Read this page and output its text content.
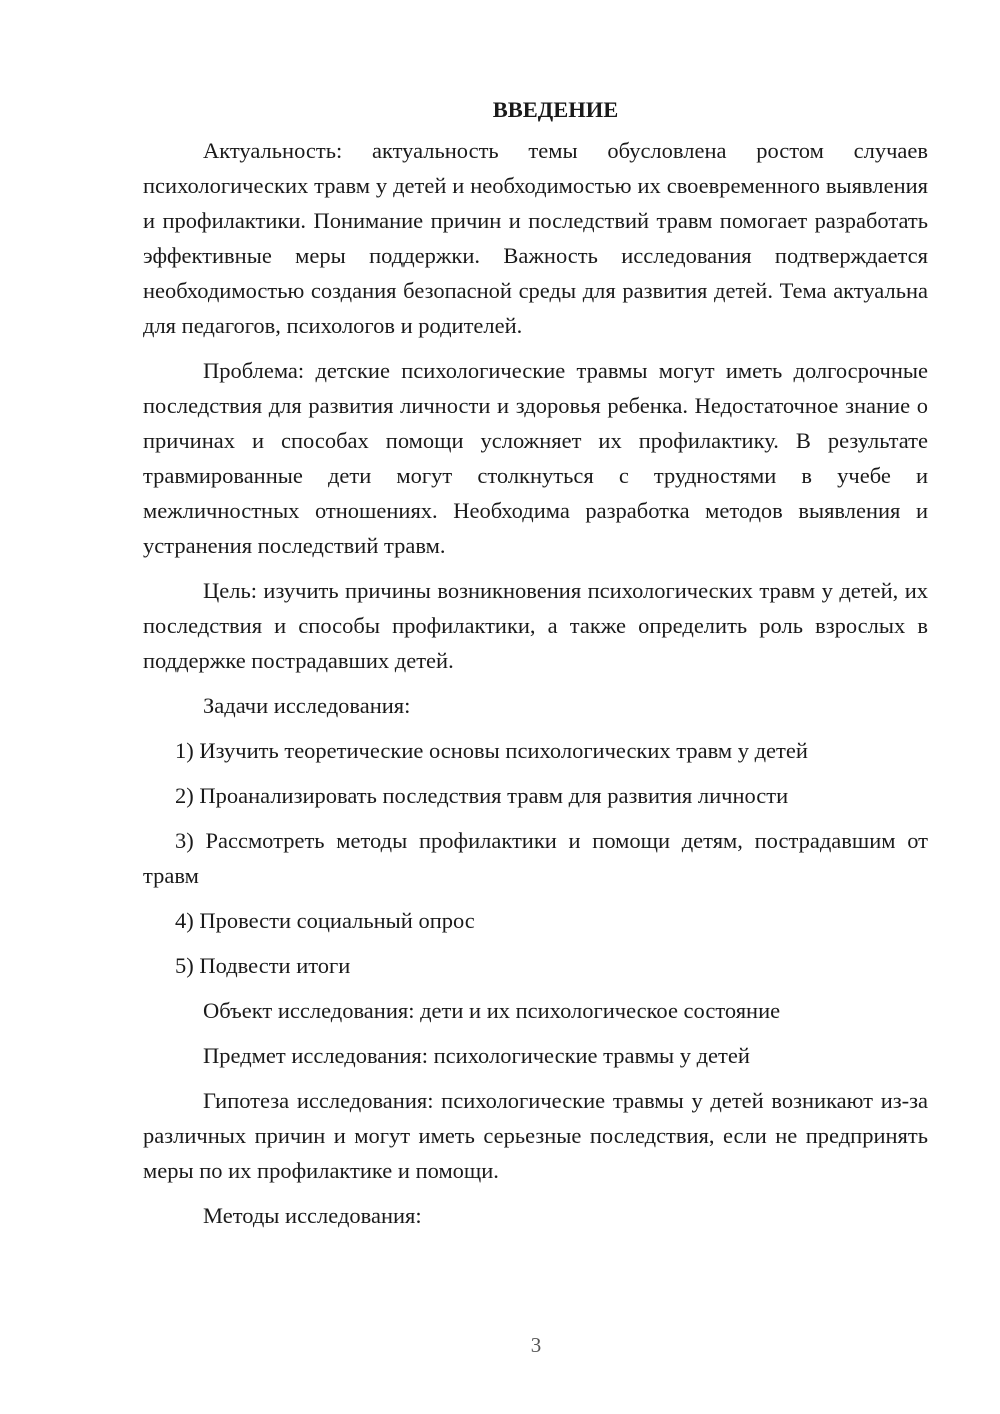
ВВЕДЕНИЕ

Актуальность: актуальность темы обусловлена ростом случаев психологических травм у детей и необходимостью их своевременного выявления и профилактики. Понимание причин и последствий травм помогает разработать эффективные меры поддержки. Важность исследования подтверждается необходимостью создания безопасной среды для развития детей. Тема актуальна для педагогов, психологов и родителей.

Проблема: детские психологические травмы могут иметь долгосрочные последствия для развития личности и здоровья ребенка. Недостаточное знание о причинах и способах помощи усложняет их профилактику. В результате травмированные дети могут столкнуться с трудностями в учебе и межличностных отношениях. Необходима разработка методов выявления и устранения последствий травм.

Цель: изучить причины возникновения психологических травм у детей, их последствия и способы профилактики, а также определить роль взрослых в поддержке пострадавших детей.

Задачи исследования:

1) Изучить теоретические основы психологических травм у детей

2) Проанализировать последствия травм для развития личности

3) Рассмотреть методы профилактики и помощи детям, пострадавшим от травм

4) Провести социальный опрос

5) Подвести итоги

Объект исследования: дети и их психологическое состояние

Предмет исследования: психологические травмы у детей

Гипотеза исследования: психологические травмы у детей возникают из-за различных причин и могут иметь серьезные последствия, если не предпринять меры по их профилактике и помощи.

Методы исследования:

3
